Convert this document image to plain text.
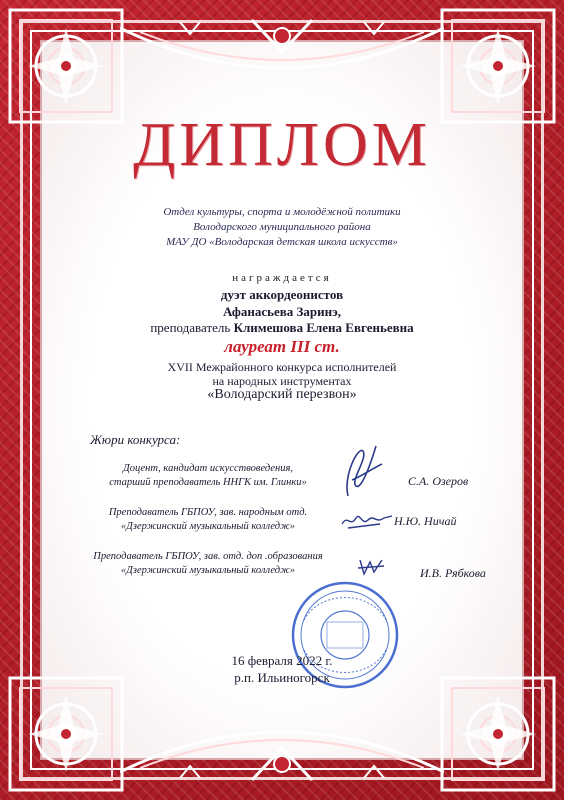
ДИПЛОМ
Отдел культуры, спорта и молодёжной политики
Володарского муниципального района
МАУ ДО «Володарская детская школа искусств»
награждается
дуэт аккордеонистов
Афанасьева Заринэ,
преподаватель Климешова Елена Евгеньевна
лауреат III ст.
XVII Межрайонного конкурса исполнителей
на народных инструментах
«Володарский перезвон»
Жюри конкурса:
Доцент, кандидат искусствоведения,
старший преподаватель ННГК им. Глинки»	С.А. Озеров
Преподаватель ГБПОУ, зав. народным отд.
«Дзержинский музыкальный колледж»	Н.Ю. Ничай
Преподаватель ГБПОУ, зав. отд. доп .образования
«Дзержинский музыкальный колледж»	И.В. Рябкова
16 февраля 2022 г.
р.п. Ильиногорск
